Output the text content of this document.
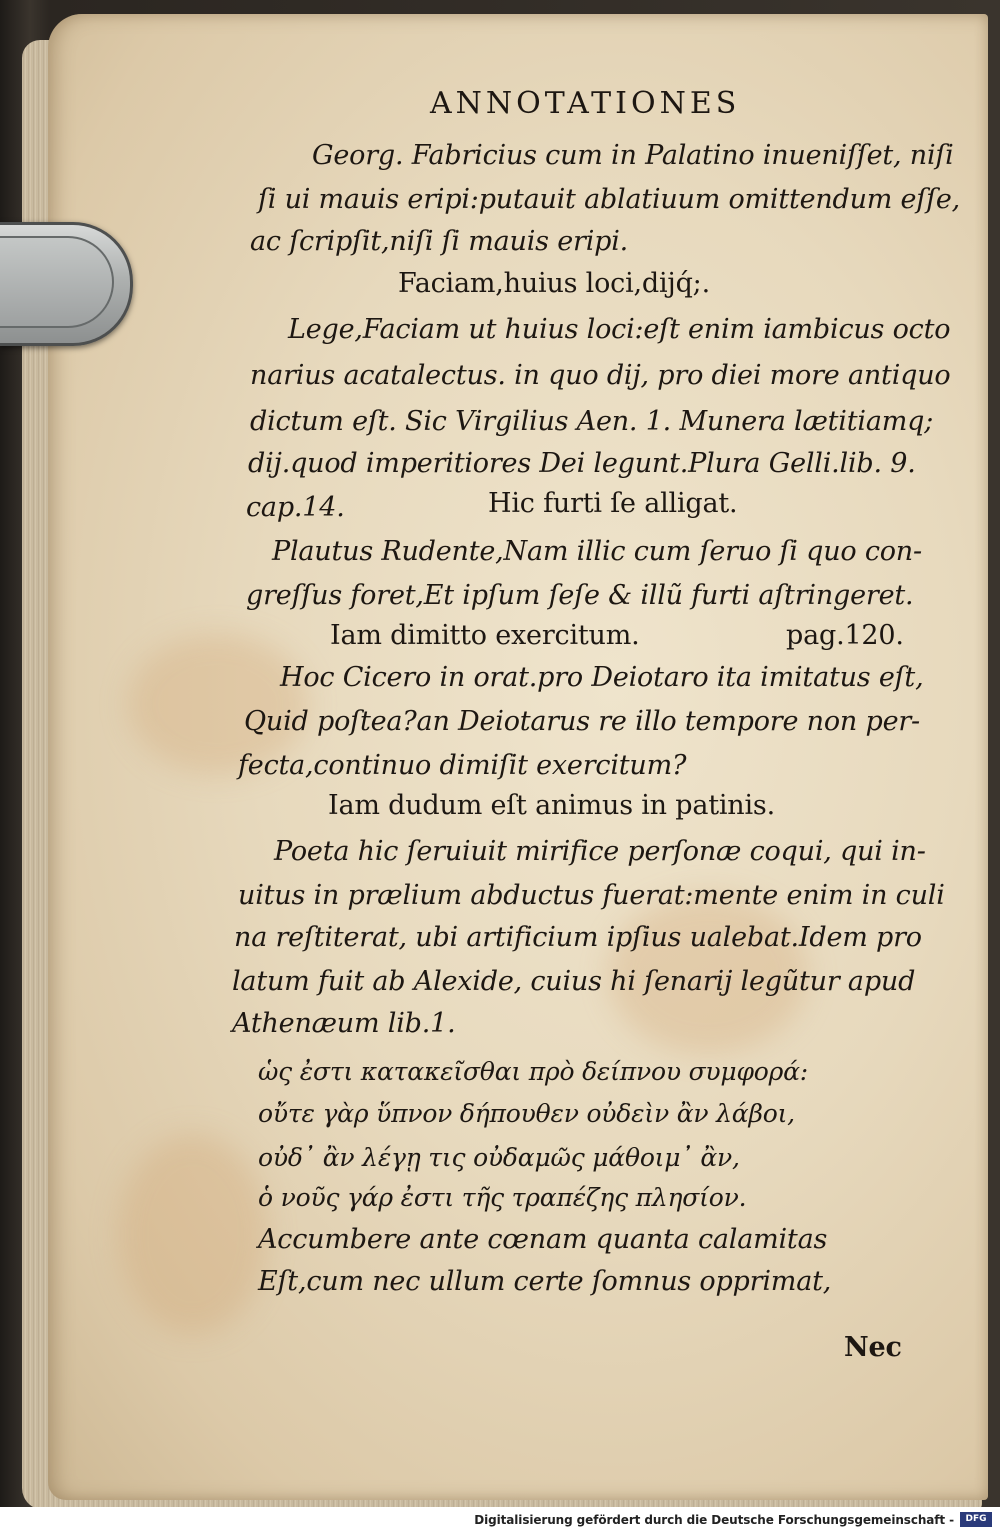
ANNOTATIONES
Georg. Fabricius cum in Palatino inueniſſet, niſi
ſi ui mauis eripi:putauit ablatiuum omittendum eſſe,
ac ſcripſit,niſi ſi mauis eripi.
Faciam,huius loci,dijq́;.
Lege,Faciam ut huius loci:eſt enim iambicus octo
narius acatalectus. in quo dij, pro diei more antiquo
dictum eſt. Sic Virgilius Aen. 1. Munera lætitiamq;
dij.quod imperitiores Dei legunt.Plura Gelli.lib. 9.
cap.14.	Hic furti ſe alligat.
Plautus Rudente,Nam illic cum ſeruo ſi quo con-
greſſus foret,Et ipſum ſeſe & illũ furti aſtringeret.
Iam dimitto exercitum.	pag.120.
Hoc Cicero in orat.pro Deiotaro ita imitatus eſt,
Quid poſtea?an Deiotarus re illo tempore non per-
fecta,continuo dimiſit exercitum?
Iam dudum eſt animus in patinis.
Poeta hic ſeruiuit mirifice perſonæ coqui, qui in-
uitus in prælium abductus fuerat:mente enim in culi
na reſtiterat, ubi artificium ipſius ualebat.Idem pro
latum fuit ab Alexide, cuius hi ſenarij legũtur apud
Athenæum lib.1.
ὡς ἐστι κατακεῖσθαι πρὸ δείπνου συμφορά:
οὔτε γὰρ ὕπνον δήπουθεν οὐδεὶν ἂν λάβοι,
οὐδ᾽ ἂν λέγῃ τις οὐδαμῶς μάθοιμ᾽ ἂν,
ὁ νοῦς γάρ ἐστι τῆς τραπέζης πλησίον.
Accumbere ante cœnam quanta calamitas
Eſt,cum nec ullum certe ſomnus opprimat,
Nec
Digitalisierung gefördert durch die Deutsche Forschungsgemeinschaft -	DFG
